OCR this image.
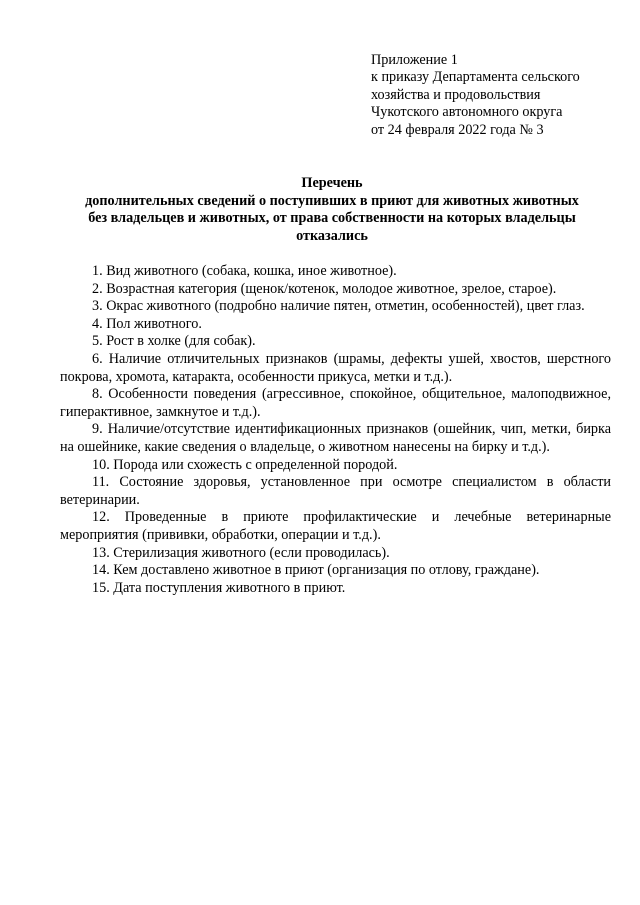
Приложение 1
к приказу Департамента сельского
хозяйства и продовольствия
Чукотского автономного округа
от 24 февраля 2022 года № 3
Перечень
дополнительных сведений о поступивших в приют для животных животных
без владельцев и животных, от права собственности на которых владельцы
отказались

1. Вид животного (собака, кошка, иное животное).

2. Возрастная категория (щенок/котенок, молодое животное, зрелое, старое).

3. Окрас животного (подробно наличие пятен, отметин, особенностей), цвет глаз.

4. Пол животного.

5. Рост в холке (для собак).

6. Наличие отличительных признаков (шрамы, дефекты ушей, хвостов, шерстного покрова, хромота, катаракта, особенности прикуса, метки и т.д.).

8. Особенности поведения (агрессивное, спокойное, общительное, малоподвижное, гиперактивное, замкнутое и т.д.).

9. Наличие/отсутствие идентификационных признаков (ошейник, чип, метки, бирка на ошейнике, какие сведения о владельце, о животном нанесены на бирку и т.д.).

10. Порода или схожесть с определенной породой.

11. Состояние здоровья, установленное при осмотре специалистом в области ветеринарии.

12. Проведенные в приюте профилактические и лечебные ветеринарные мероприятия (прививки, обработки, операции и т.д.).

13. Стерилизация животного (если проводилась).

14. Кем доставлено животное в приют (организация по отлову, граждане).

15. Дата поступления животного в приют.
